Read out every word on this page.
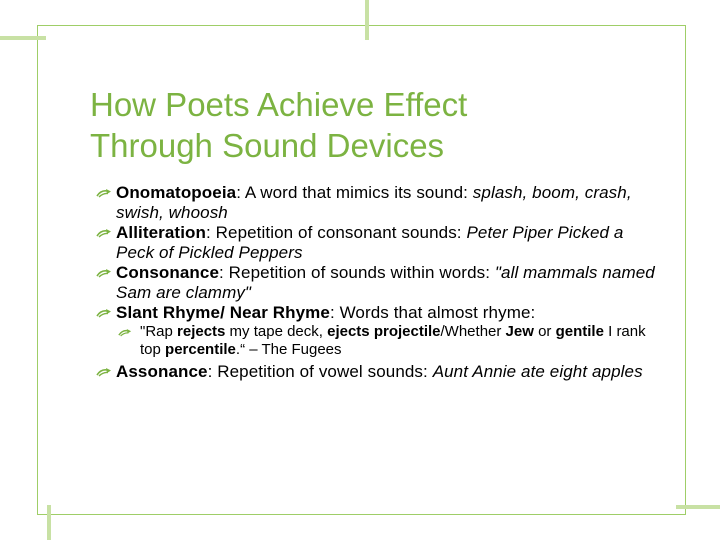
How Poets Achieve Effect
Through Sound Devices
Onomatopoeia: A word that mimics its sound: splash, boom, crash, swish, whoosh
Alliteration: Repetition of consonant sounds: Peter Piper Picked a Peck of Pickled Peppers
Consonance: Repetition of sounds within words: "all mammals named Sam are clammy"
Slant Rhyme/ Near Rhyme: Words that almost rhyme:
"Rap rejects my tape deck, ejects projectile/Whether Jew or gentile I rank top percentile.“ – The Fugees
Assonance: Repetition of vowel sounds: Aunt Annie ate eight apples
